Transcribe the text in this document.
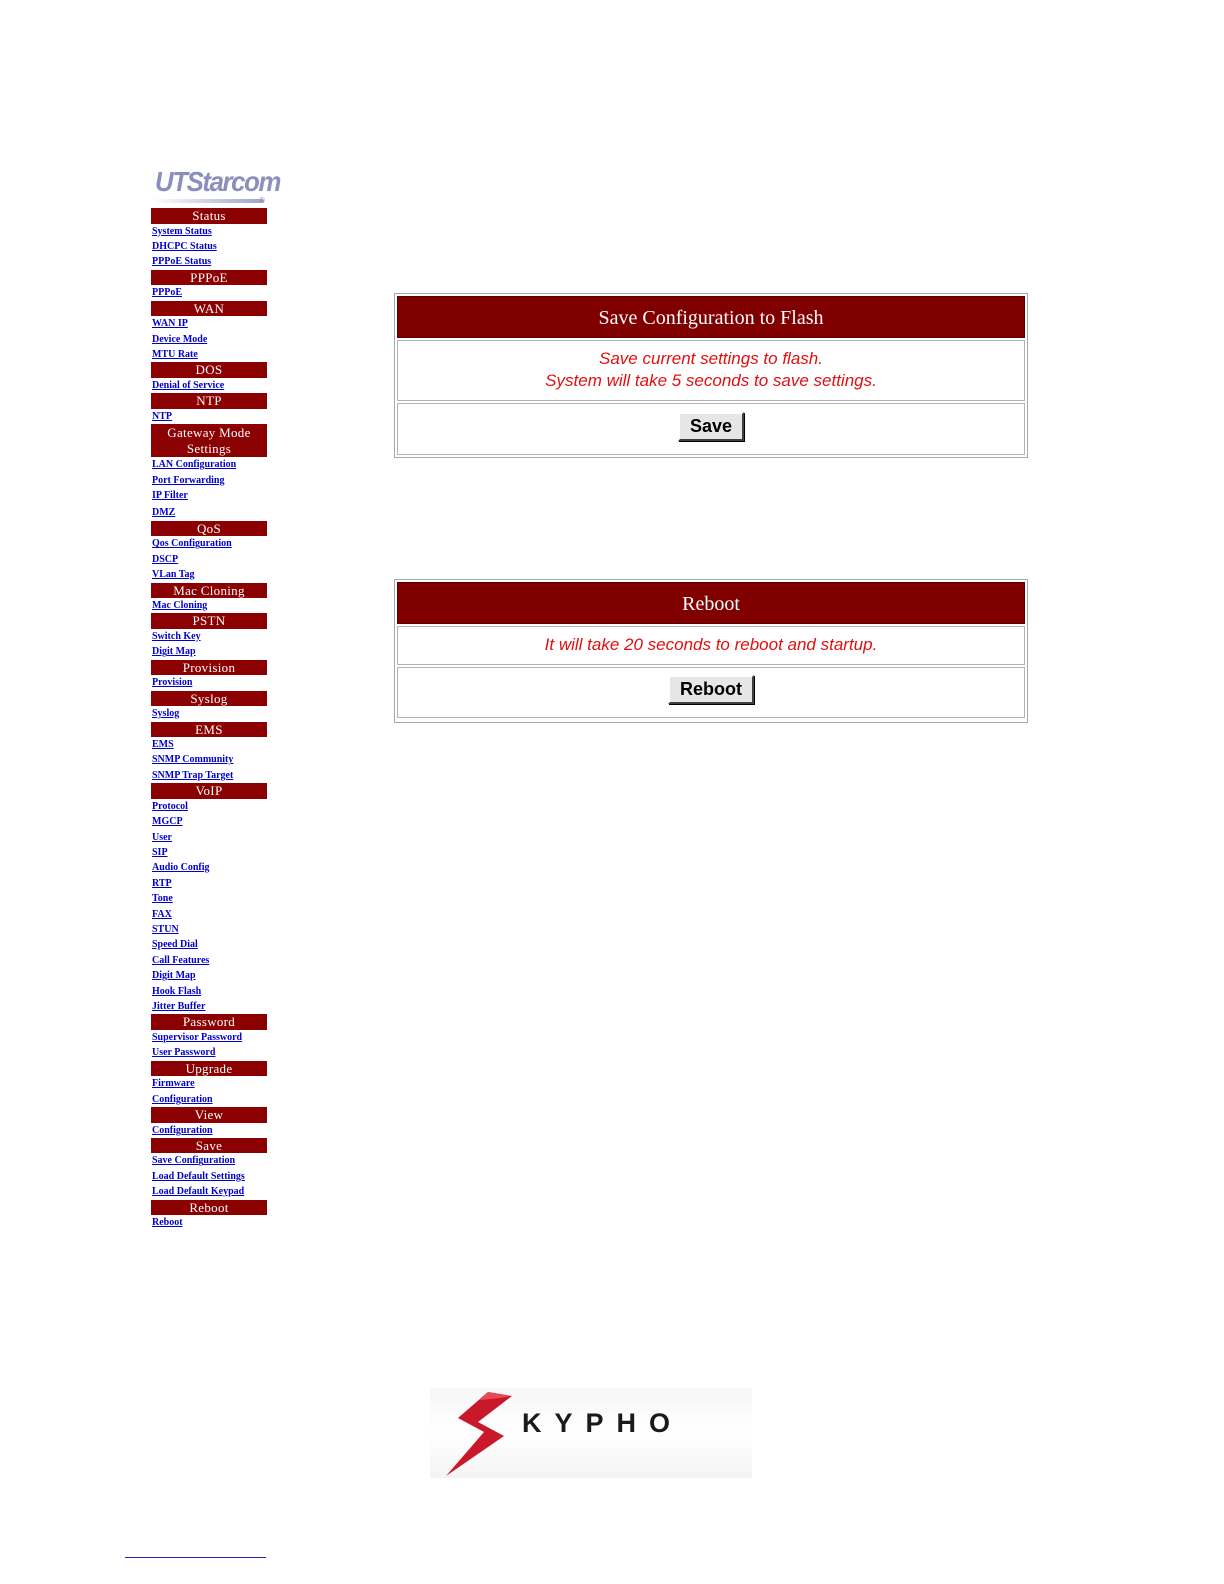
UTStarcom
®
Status
System Status
DHCPC Status
PPPoE Status
PPPoE
PPPoE
WAN
WAN IP
Device Mode
MTU Rate
DOS
Denial of Service
NTP
NTP
Gateway Mode Settings
LAN Configuration
Port Forwarding
IP Filter
DMZ
QoS
Qos Configuration
DSCP
VLan Tag
Mac Cloning
Mac Cloning
PSTN
Switch Key
Digit Map
Provision
Provision
Syslog
Syslog
EMS
EMS
SNMP Community
SNMP Trap Target
VoIP
Protocol
MGCP
User
SIP
Audio Config
RTP
Tone
FAX
STUN
Speed Dial
Call Features
Digit Map
Hook Flash
Jitter Buffer
Password
Supervisor Password
User Password
Upgrade
Firmware
Configuration
View
Configuration
Save
Save Configuration
Load Default Settings
Load Default Keypad
Reboot
Reboot
Save Configuration to Flash
Save current settings to flash.
System will take 5 seconds to save settings.
Save
Reboot
It will take 20 seconds to reboot and startup.
Reboot
KYPHO
